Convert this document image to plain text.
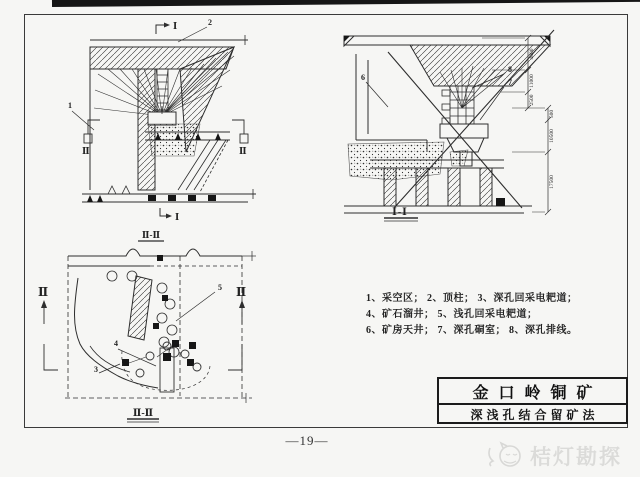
Ⅰ	2
1
Ⅰ
Ⅱ	Ⅱ
6
8
7
4000
11000
2500
500
10500
17500
Ⅰ-Ⅰ
Ⅱ-Ⅱ
5
4
3
Ⅱ	Ⅱ
Ⅱ-Ⅱ
1、采空区； 2、顶柱； 3、深孔回采电耙道；
4、矿石溜井； 5、浅孔回采电耙道；
6、矿房天井； 7、深孔硐室； 8、深孔排线。
金口岭铜矿
深浅孔结合留矿法
—19—
桔灯勘探
